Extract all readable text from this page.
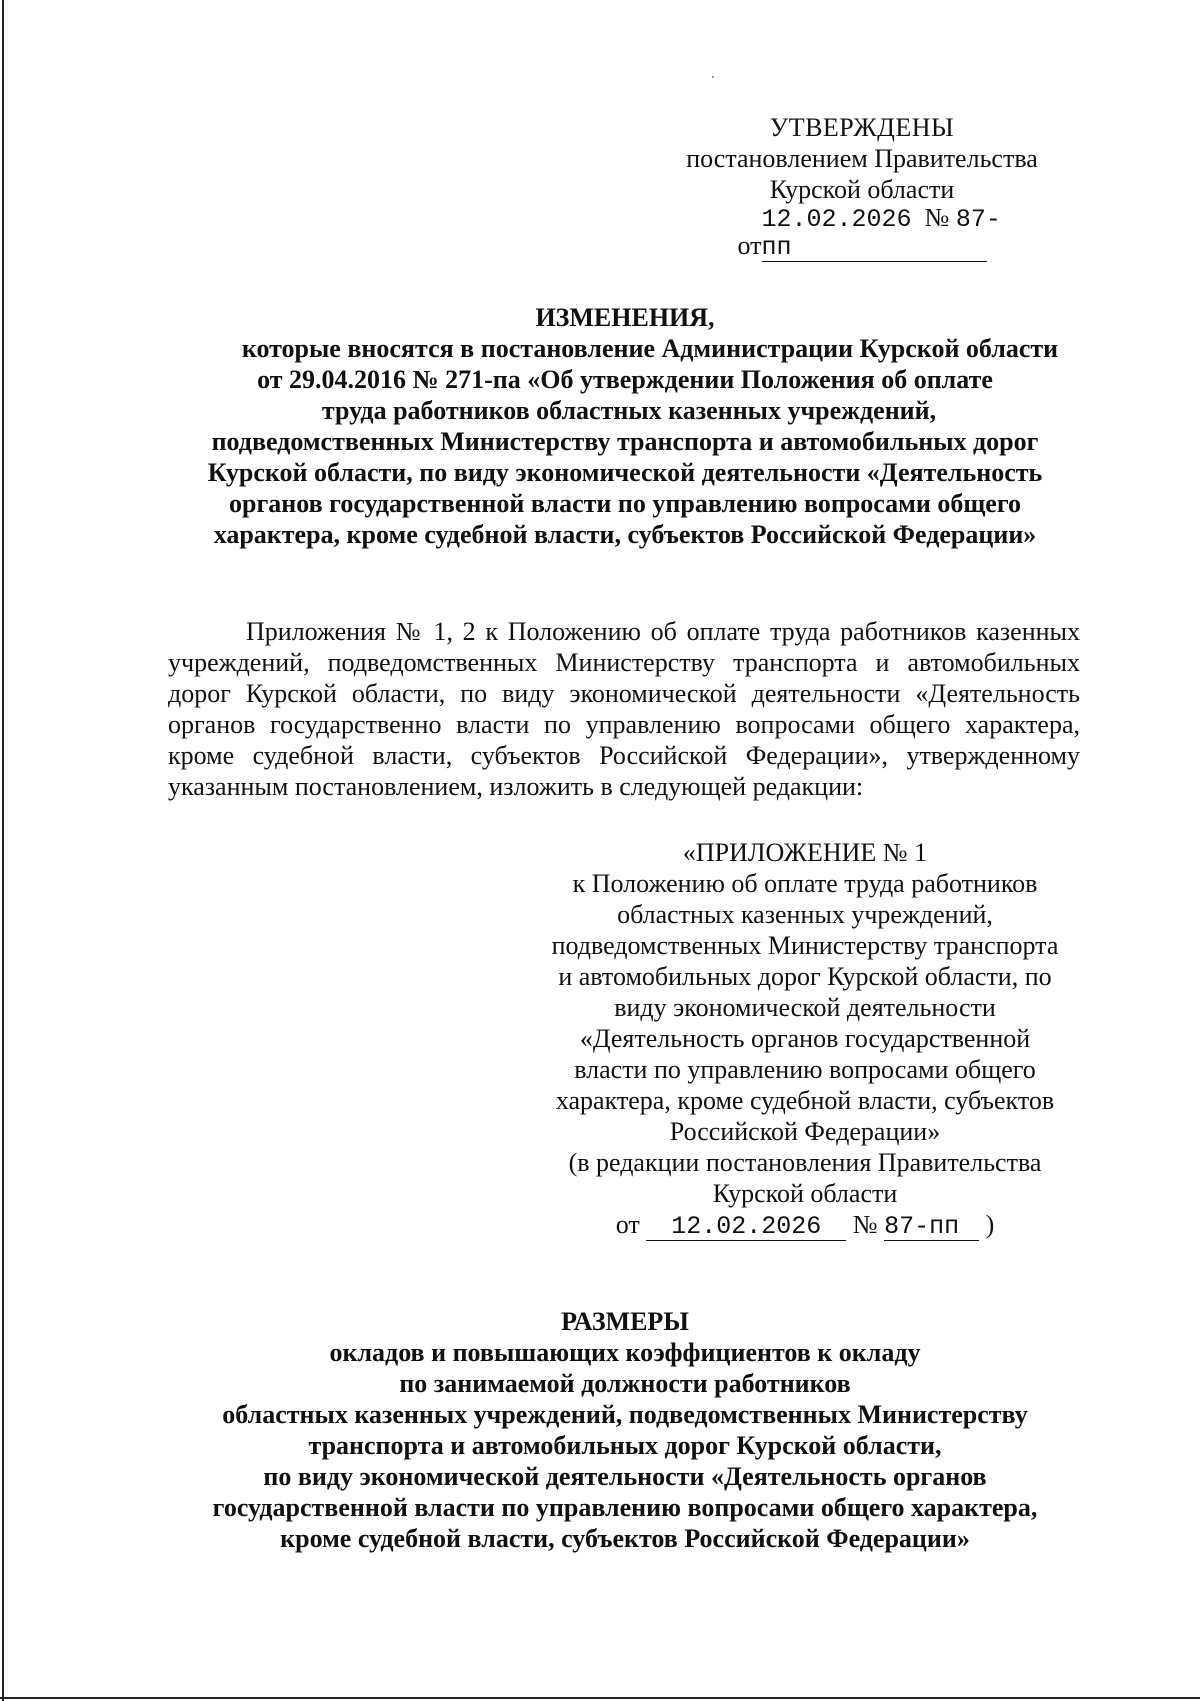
УТВЕРЖДЕНЫ
постановлением Правительства
Курской области
от12.02.2026 № 87-пп
ИЗМЕНЕНИЯ,
которые вносятся в постановление Администрации Курской области
от 29.04.2016 № 271-па «Об утверждении Положения об оплате
труда работников областных казенных учреждений,
подведомственных Министерству транспорта и автомобильных дорог
Курской области, по виду экономической деятельности «Деятельность
органов государственной власти по управлению вопросами общего
характера, кроме судебной власти, субъектов Российской Федерации»
Приложения № 1, 2 к Положению об оплате труда работников казенных
учреждений, подведомственных Министерству транспорта и автомобильных
дорог Курской области, по виду экономической деятельности «Деятельность
органов государственно власти по управлению вопросами общего характера,
кроме судебной власти, субъектов Российской Федерации», утвержденному
указанным постановлением, изложить в следующей редакции:
«ПРИЛОЖЕНИЕ № 1
к Положению об оплате труда работников
областных казенных учреждений,
подведомственных Министерству транспорта
и автомобильных дорог Курской области, по
виду экономической деятельности
«Деятельность органов государственной
власти по управлению вопросами общего
характера, кроме судебной власти, субъектов
Российской Федерации»
(в редакции постановления Правительства
Курской области
от 12.02.2026 № 87-пп )
РАЗМЕРЫ
окладов и повышающих коэффициентов к окладу
по занимаемой должности работников
областных казенных учреждений, подведомственных Министерству
транспорта и автомобильных дорог Курской области,
по виду экономической деятельности «Деятельность органов
государственной власти по управлению вопросами общего характера,
кроме судебной власти, субъектов Российской Федерации»
